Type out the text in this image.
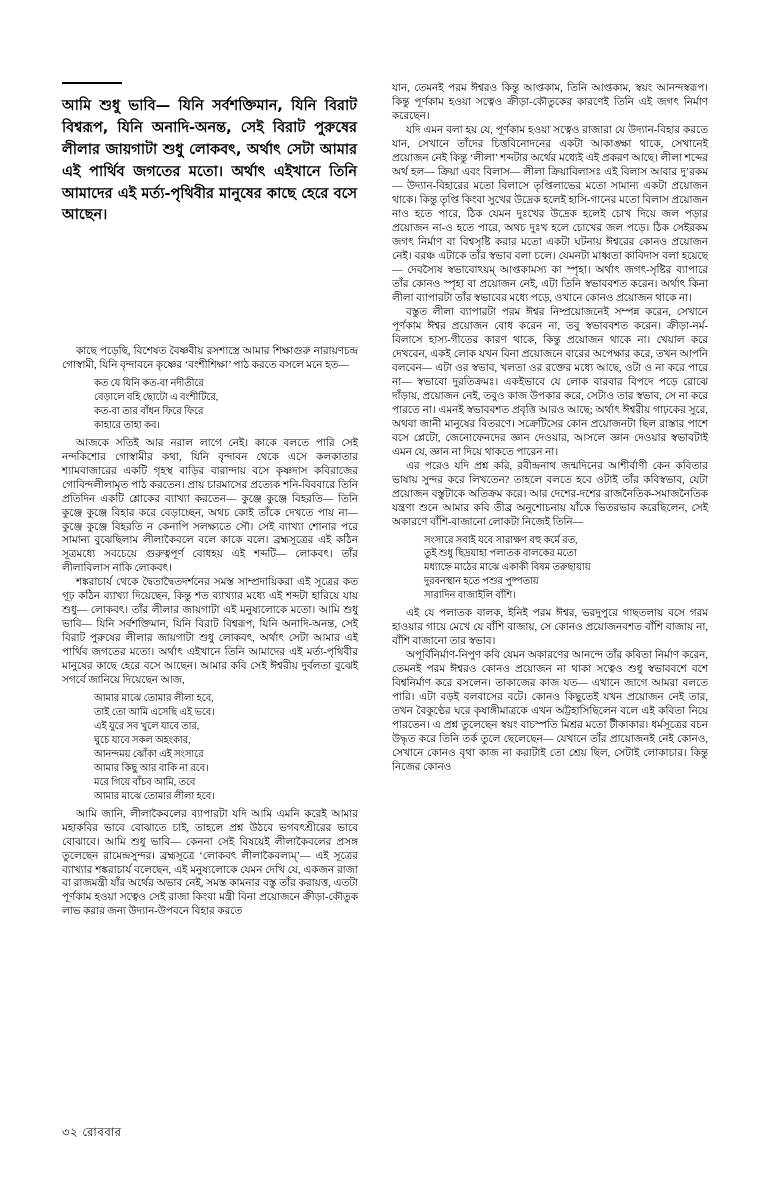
আমি শুধু ভাবি— যিনি সর্বশক্তিমান, যিনি বিরাট বিশ্বরূপ, যিনি অনাদি-অনন্ত, সেই বিরাট পুরুষের লীলার জায়গাটা শুধু লোকবৎ, অর্থাৎ সেটা আমার এই পার্থিব জগতের মতো। অর্থাৎ এইখানে তিনি আমাদের এই মর্ত্য-পৃথিবীর মানুষের কাছে হেরে বসে আছেন।

কাছে পড়েছি, বিশেষত বৈষ্ণবীয় রসশাস্ত্রে আমার শিক্ষাগুরু নারায়ণচন্দ্র গোস্বামী, যিনি বৃন্দাবনে কৃষ্ণের ‘বংশীশিক্ষা’ পাঠ করতে বসলে মনে হত—

কত যে যিনি কত-বা নদীতীরে
বেড়ালে বহি ছোটো এ বংশীটিরে,
কত-বা তার বাঁধন ফিরে ফিরে
কাহারে তাহা কব।

আজকে সতিই আর নরাল লাগে নেই। কাকে বলতে পারি সেই নন্দকিশোর গোস্বামীর কথা, যিনি বৃন্দাবন থেকে এসে কলকাতার শ্যামবাজারের একটি গৃহস্থ বাড়ির বারান্দায় বসে কৃষ্ণদাস কবিরাজের গোবিন্দলীলামৃত পাঠ করতেন। প্রায় চারমাসের প্রত্যেক শনি-বিববারে তিনি প্রতিদিন একটি শ্লোকের ব্যাখ্যা করতেন— কুঞ্জে কুঞ্জে বিহরতি— তিনি কুঞ্জে কুঞ্জে বিহার করে বেড়াচ্ছেন, অথচ কোই তাঁকে দেখতে পায় না— কুঞ্জে কুঞ্জে বিহরতি ন কেনাপি সলক্ষ্যতে সৌ। সেই ব্যাখ্যা শোনার পরে সামান্য বুঝেছিলাম লীলাকৈবলে বলে কাকে বলে। ব্রহ্মসূত্রের এই কঠিন সূত্রমধ্যে সবচেয়ে গুরুত্বপূর্ণ বোধহয় এই শব্দটি— লোকবৎ। তাঁর লীলাবিলাস নাকি লোকবৎ।

শঙ্করাচার্য থেকে দ্বৈতাদ্বৈতদর্শনের সমস্ত সাম্প্রদায়িকরা এই সূত্রের কত গূঢ় কঠিন ব্যাখ্যা দিয়েছেন, কিন্তু শত ব্যাখ্যার মধ্যে এই শব্দটা হারিয়ে যায় শুধু— লোকবৎ। তাঁর লীলার জায়গাটা এই মনুষ্যলোকে মতো। আমি শুধু ভাবি— যিনি সর্বশক্তিমান, যিনি বিরাট বিশ্বরূপ, যিনি অনাদি-অনন্ত, সেই বিরাট পুরুষের লীলার জায়গাটা শুধু লোকবৎ, অর্থাৎ সেটা আমার এই পার্থিব জগতের মতো। অর্থাৎ এইখানে তিনি আমাদের এই মর্ত্য-পৃথিবীর মানুষের কাছে হেরে বসে আছেন। আমার কবি সেই ঈশ্বরীয় দুর্বলতা বুঝেই সগর্বে জানিয়ে দিয়েছেন আজ,

আমার মাঝে তোমার লীলা হবে,
তাই তো আমি এসেছি এই ভবে।
এই যুরে সব খুলে যাবে তার,
ঘুচে যাবে সকল অহংকার,
আনন্দময় ঝোঁকা এই সংসারে
আমার কিছু আর বাকি না রবে।
মরে গিয়ে বাঁচব আমি, তবে
আমার মাঝে তোমার লীলা হবে।

আমি জানি, লীলাকৈবলের ব্যাপারটা যদি আমি এমনি করেই আমার মহাকবির ভাবে বোঝাতে চাই, তাহলে প্রশ্ন উঠবে ভগবৎশ্রীরের ভাবে বোঝাবে। আমি শুধু ভাবি— কেননা সেই বিষয়েই লীলাকৈবলের প্রসঙ্গ তুলেছেন রামেন্দ্রসুন্দর। ব্রহ্মসূত্রে ‘লোকবৎ লীলাকৈবল্যম্‌’— এই সূত্রের ব্যাখ্যার শঙ্করাচার্য বলেছেন, এই মনুষ্যলোকে যেমন দেখি যে, একজন রাজা বা রাজমন্ত্রী যাঁর অর্থের অভাব নেই, সমস্ত কামনার বস্তু তাঁর করায়ত্ত, এতটা পূর্ণকাম হওয়া সত্বেও সেই রাজা কিংবা মন্ত্রী বিনা প্রয়োজনে ক্রীড়া-কৌতুক লাভ করার জন্য উদ্যান-উপবনে বিহার করতে

যান, তেমনই পরম ঈশ্বরও কিন্তু আপ্তকাম, তিনি আপ্তকাম, স্বয়ং আনন্দস্বরূপ। কিন্তু পূর্ণকাম হওয়া সত্বেও ক্রীড়া-কৌতুকের কারণেই তিনি এই জগৎ নির্মাণ করেছেন।

যদি এমন বলা হয় যে, পূর্ণকাম হওয়া সত্বেও রাজারা যে উদ্যান-বিহার করতে যান, সেখানে তাঁদের চিত্তবিনোদনের একটা আকাঙ্ক্ষা থাকে, সেখানেই প্রয়োজন নেই কিন্তু ‘লীলা’ শব্দটার অর্থের মধ্যেই এই প্রকরণ আছে। লীলা শব্দের অর্থ হল— ক্রিয়া এবং বিলাস— লীলা ক্রিয়াবিলাসঃ এই বিলাস আবার দু’রকম— উদ্যান-বিহারের মতো বিলাসে তৃপ্তিলাভের মতো সামান্য একটা প্রয়োজন থাকে। কিন্তু তৃপ্তি কিংবা সুখের উদ্রেক হলেই হাসি-গানের মতো বিলাস প্রয়োজন নাও হতে পারে, ঠিক যেমন দুঃখের উদ্রেক হলেই চোখ দিয়ে জল পড়ার প্রয়োজন না-ও হতে পারে, অথচ দুঃখ হলে চোখের জল পড়ে। ঠিক সেইরকম জগৎ নির্মাণ বা বিশ্বসৃষ্টি করার মতো একটা ঘটনায় ঈশ্বরের কোনও প্রয়োজন নেই। বরঞ্চ এটাকে তাঁর স্বভাব বলা চলে। যেমনটা মাধ্বতা কাবিদাস বলা হয়েছে— দেবস্যৈষ স্বভাবোঽয়ম্ আপ্তকামস্য কা স্পৃহা। অর্থাৎ জগৎ-সৃষ্টির ব্যাপারে তাঁর কোনও স্পৃহা বা প্রয়োজন নেই, এটা তিনি স্বভাববশত করেন। অর্থাৎ কিনা লীলা ব্যাপারটা তাঁর স্বভাবের মধ্যে পড়ে, ওখানে কোনও প্রয়োজন থাকে না।

বস্তুত লীলা ব্যাপারটা পরম ঈশ্বর নিষ্প্রয়োজনেই সম্পন্ন করেন, সেখানে পূর্ণকাম ঈশ্বর প্রয়োজন বোধ করেন না, তবু স্বভাববশত করেন। ক্রীড়া-নর্ম-বিলাসে হাস্য-গীতের কারণ থাকে, কিন্তু প্রয়োজন থাকে না। খেয়াল করে দেখবেন, একই লোক যখন বিনা প্রয়োজনে বারের অপেক্ষার করে, তখন আপনি বলবেন— এটা ওর স্বভাব, খলতা ওর রক্তের মধ্যে আছে, ওটা ও না করে পারে না— স্বভাবো দুরতিক্রমঃ। একইভাবে যে লোক বারবার বিপদে পড়ে রোঝে দাঁড়ায়, প্রয়োজন নেই, তবুও কাজ উপকার করে, সেটাও তার স্বভাব, সে না করে পারতে না। এমনই স্বভাববশত প্রবৃত্তি আরও আছে; অর্থাৎ ঈশ্বরীয় গাঢ়কের সুরে, অথবা জানী মানুষের বিতরণে। সক্রেটিসের কোন প্রয়োজনটা ছিল রাস্তার পাশে বসে প্লেটো, জেনোফেনদের জ্ঞান দেওয়ার, আসলে জ্ঞান দেওয়ার স্বভাবটাই এমন যে, জ্ঞান না দিয়ে থাকতে পারেন না।

এর পরেও যদি প্রশ্ন করি, রবীন্দ্রনাথ জন্মদিনের আশীর্বাণী কেন কবিতার ভাষায় সুন্দর করে লিখতেন? তাহলে বলতে হবে ওটাই তাঁর কবিস্বভাব, যেটা প্রয়োজন বস্তুটাকে অতিক্রম করে। আর দেশের-দশের রাজনৈতিক-সমাজনৈতিক যন্ত্রণা শুনে আমার কবি তীব্র অনুশোচনায় যাঁকে ভিতরভাব করেছিলেন, সেই অকারণে বাঁশি-বাজানো লোকটা নিজেই তিনি—

সংসারে সবাই যবে সারাক্ষণ বহু কর্মে রত,
তুই শুধু ছিদ্রযাহা পলাতক বালকের মতো
মধ্যাহ্নে মাঠের মাঝে একাকী বিষম তরুছায়ায়
দুরবনস্থান হতে পশুর পুষ্পতায়
সারাদিন বাজাইলি বাঁশি।

এই যে পলাতক বালক, ইনিই পরম ঈশ্বর, ভরদুপুরে গাছতলায় বসে গরম হাওয়ার গায়ে মেখে যে বাঁশি বাজায়, সে কোনও প্রয়োজনবশত বাঁশি বাজায় না, বাঁশি বাজানো তার স্বভাব।

অপূর্বিনির্মাণ-নিপুণ কবি যেমন অকারণের আনন্দে তাঁর কবিতা নির্মাণ করেন, তেমনই পরম ঈশ্বরও কোনও প্রয়োজন না থাকা সত্বেও শুধু স্বভাববশে বশে বিশ্বনির্মাণ করে বসলেন। তাকাজের কাজ যত— এখানে জাগে আমরা বলতে পারি। এটা বড়ই বলবাসের বটে। কোনও কিছুতেই যখন প্রয়োজন নেই তার, তখন বৈকুণ্ঠের ঘরে কৃষাঙ্গীমাত্রকে এখন অট্টহাসিছিলেন বলে এই কবিতা নিয়ে পারতেন। এ প্রশ্ন তুলেছেন স্বয়ং বাচস্পতি মিশ্রর মতো টীকাকার। ধর্মসূত্রের বচন উদ্ধৃত করে তিনি তর্ক তুলে ছেলেছেন— যেখানে তাঁর প্রায়োজনই নেই কোনও, সেখানে কোনও বৃথা কাজ না করাটাই তো শ্রেয় ছিল, সেটাই লোকাচার। কিন্তু নিজের কোনও

৩২ রোববার
